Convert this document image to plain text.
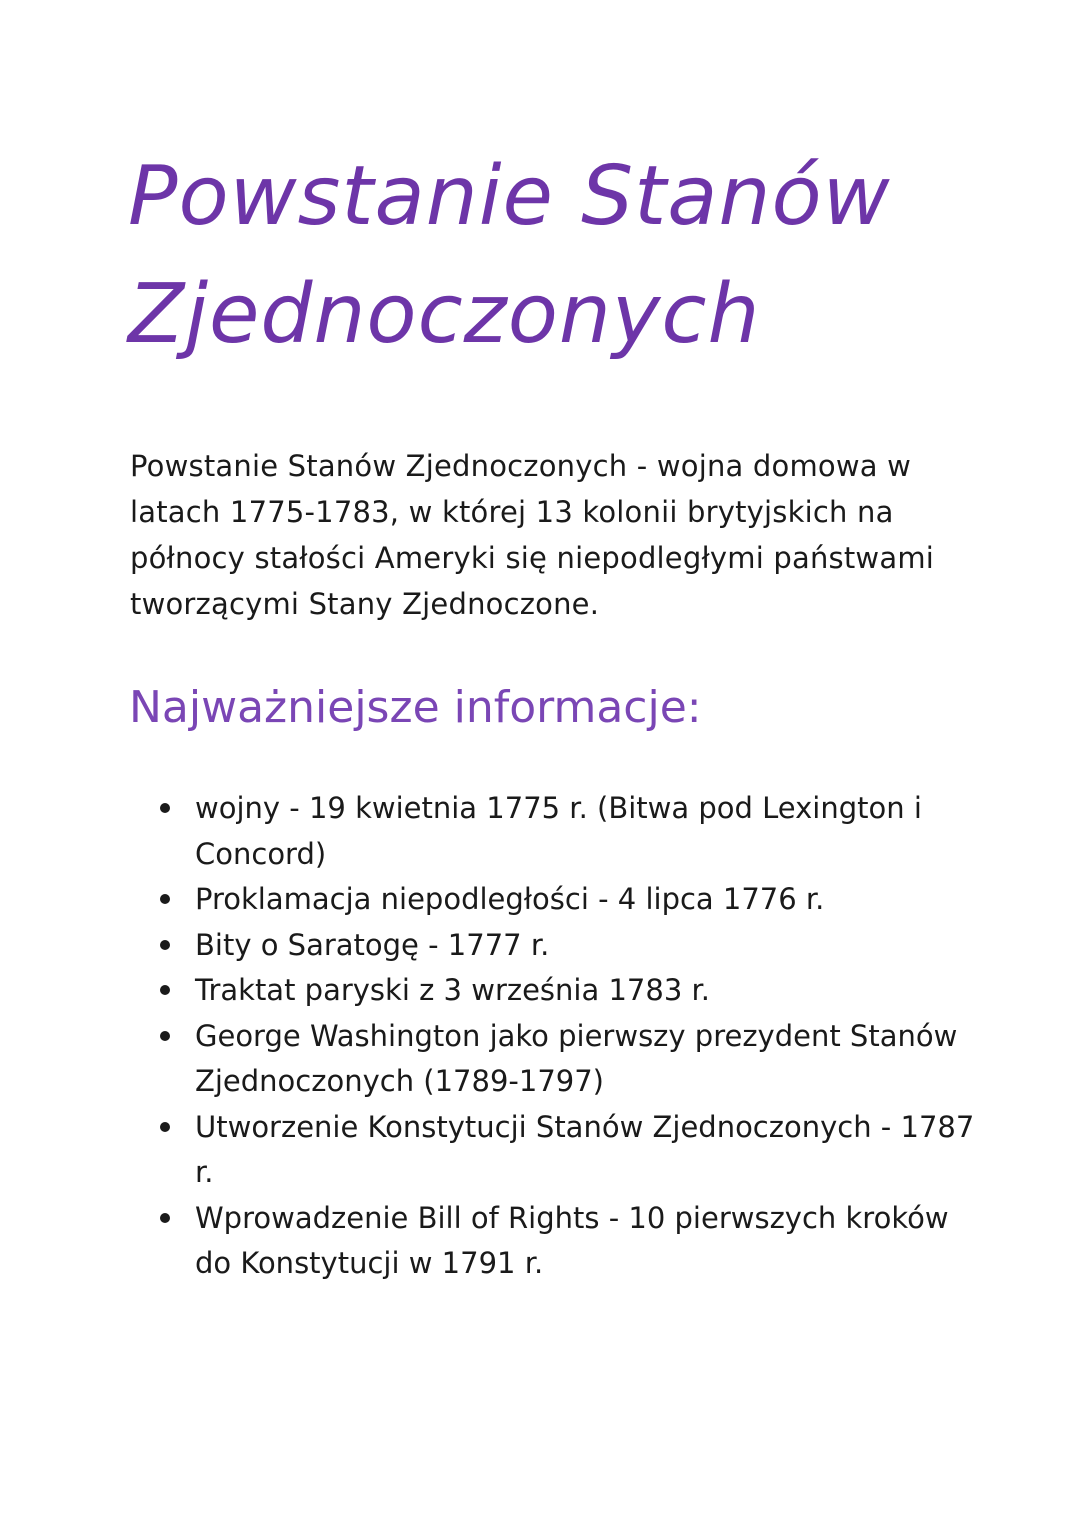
Powstanie Stanów Zjednoczonych

Powstanie Stanów Zjednoczonych - wojna domowa w latach 1775-1783, w której 13 kolonii brytyjskich na północy stałości Ameryki się niepodległymi państwami tworzącymi Stany Zjednoczone.

Najważniejsze informacje:
wojny - 19 kwietnia 1775 r. (Bitwa pod Lexington i Concord)
Proklamacja niepodległości - 4 lipca 1776 r.
Bity o Saratogę - 1777 r.
Traktat paryski z 3 września 1783 r.
George Washington jako pierwszy prezydent Stanów Zjednoczonych (1789-1797)
Utworzenie Konstytucji Stanów Zjednoczonych - 1787 r.
Wprowadzenie Bill of Rights - 10 pierwszych kroków do Konstytucji w 1791 r.
